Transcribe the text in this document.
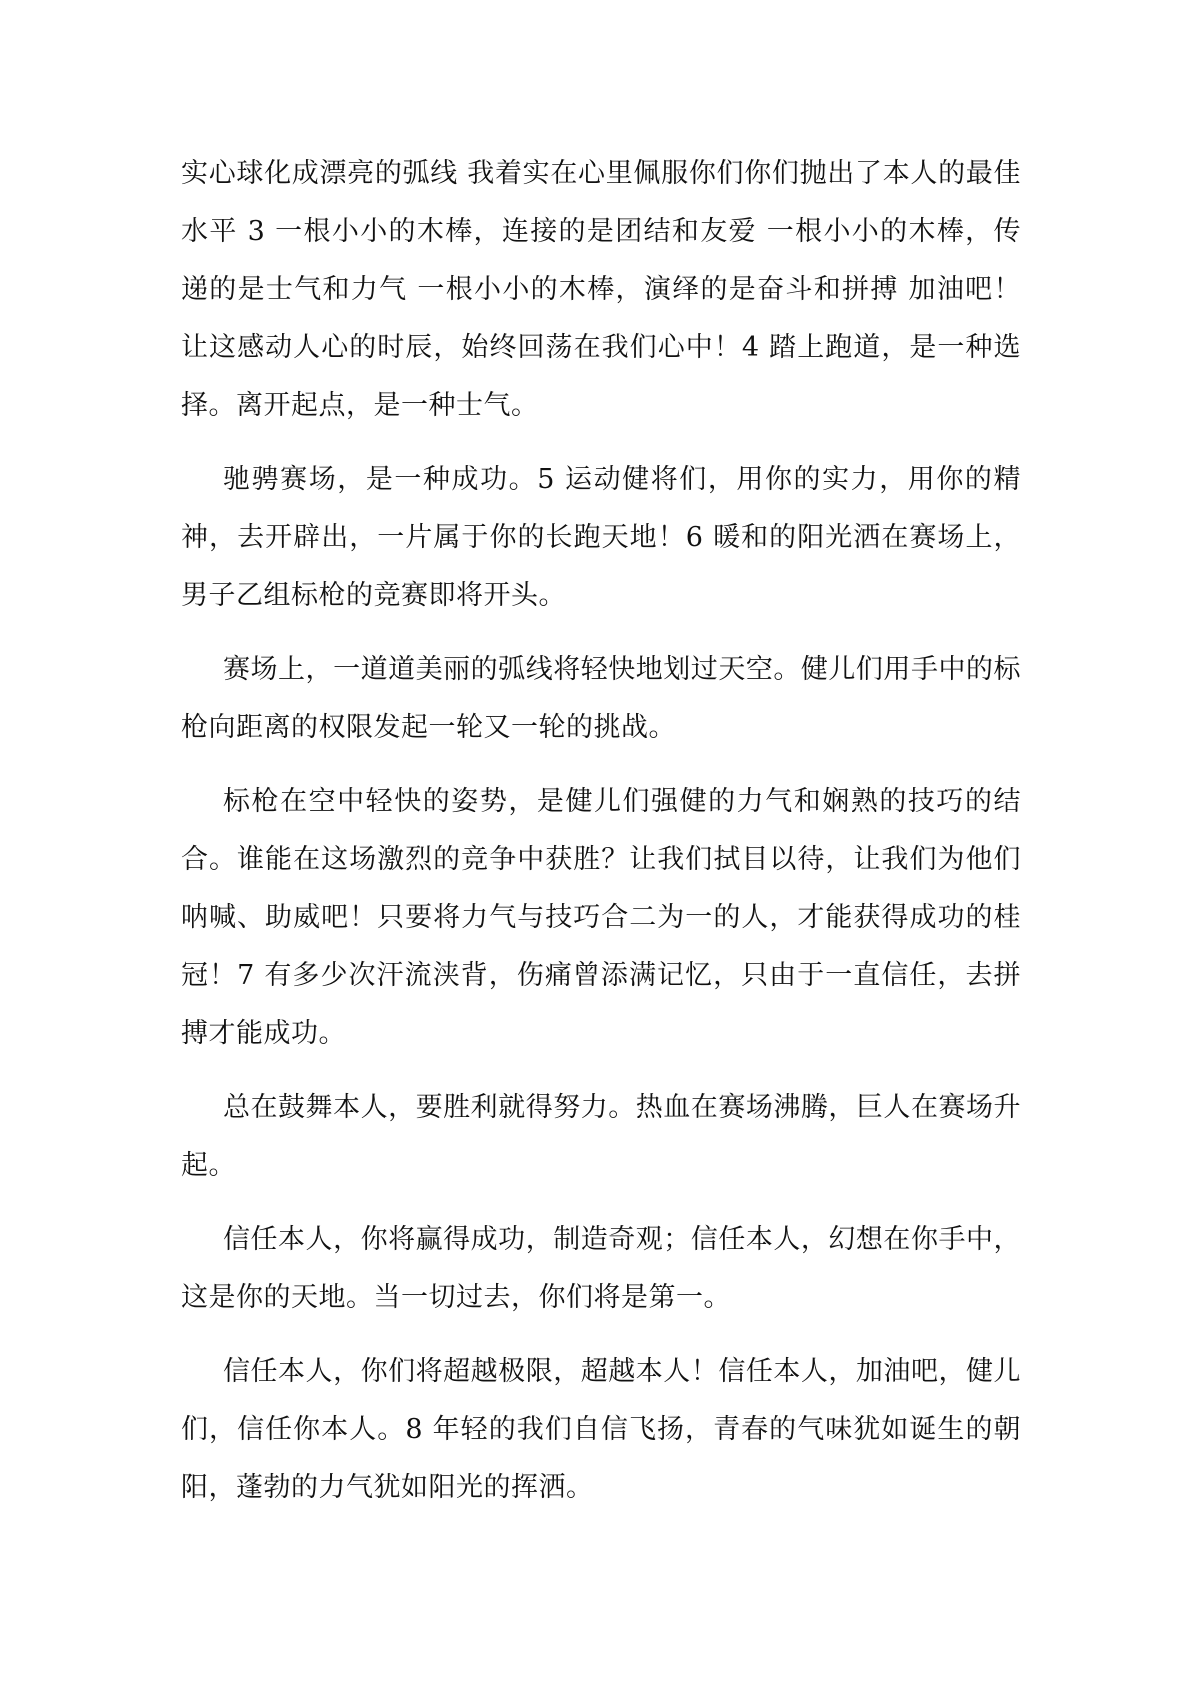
实心球化成漂亮的弧线 我着实在心里佩服你们你们抛出了本人的最佳水平 3 一根小小的木棒，连接的是团结和友爱 一根小小的木棒，传递的是士气和力气 一根小小的木棒，演绎的是奋斗和拼搏 加油吧！让这感动人心的时辰，始终回荡在我们心中！4 踏上跑道，是一种选择。离开起点，是一种士气。

驰骋赛场，是一种成功。5 运动健将们，用你的实力，用你的精神，去开辟出，一片属于你的长跑天地！6 暖和的阳光洒在赛场上，男子乙组标枪的竞赛即将开头。

赛场上，一道道美丽的弧线将轻快地划过天空。健儿们用手中的标枪向距离的权限发起一轮又一轮的挑战。

标枪在空中轻快的姿势，是健儿们强健的力气和娴熟的技巧的结合。谁能在这场激烈的竞争中获胜？让我们拭目以待，让我们为他们呐喊、助威吧！只要将力气与技巧合二为一的人，才能获得成功的桂冠！7 有多少次汗流浃背，伤痛曾添满记忆，只由于一直信任，去拼搏才能成功。

总在鼓舞本人，要胜利就得努力。热血在赛场沸腾，巨人在赛场升起。

信任本人，你将赢得成功，制造奇观；信任本人，幻想在你手中，这是你的天地。当一切过去，你们将是第一。

信任本人，你们将超越极限，超越本人！信任本人，加油吧，健儿们，信任你本人。8 年轻的我们自信飞扬，青春的气味犹如诞生的朝阳，蓬勃的力气犹如阳光的挥洒。
